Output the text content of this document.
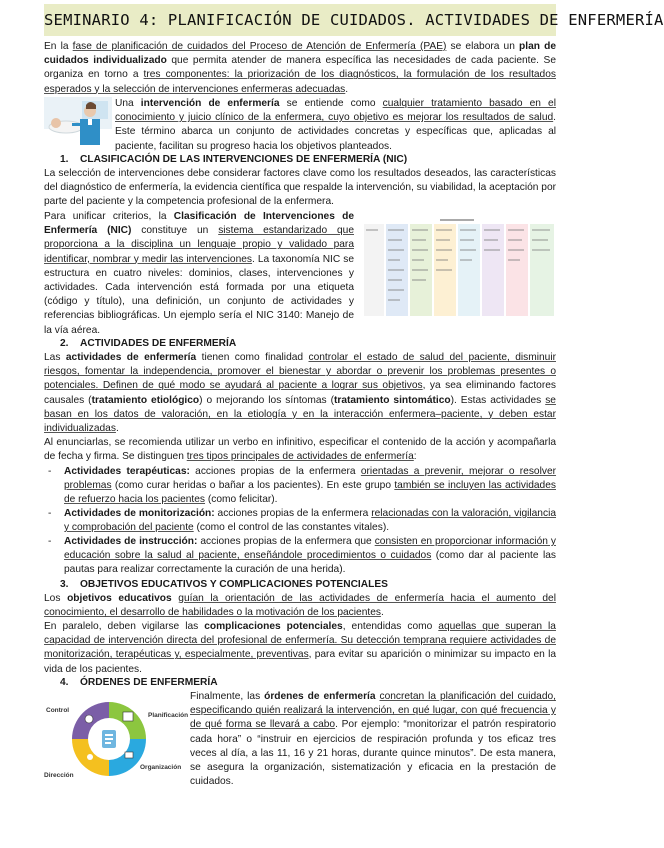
SEMINARIO 4: PLANIFICACIÓN DE CUIDADOS. ACTIVIDADES DE ENFERMERÍA
En la fase de planificación de cuidados del Proceso de Atención de Enfermería (PAE) se elabora un plan de cuidados individualizado que permita atender de manera específica las necesidades de cada paciente. Se organiza en torno a tres componentes: la priorización de los diagnósticos, la formulación de los resultados esperados y la selección de intervenciones enfermeras adecuadas.
Una intervención de enfermería se entiende como cualquier tratamiento basado en el conocimiento y juicio clínico de la enfermera, cuyo objetivo es mejorar los resultados de salud. Este término abarca un conjunto de actividades concretas y específicas que, aplicadas al paciente, facilitan su progreso hacia los objetivos planteados.
1. CLASIFICACIÓN DE LAS INTERVENCIONES DE ENFERMERÍA (NIC)
La selección de intervenciones debe considerar factores clave como los resultados deseados, las características del diagnóstico de enfermería, la evidencia científica que respalde la intervención, su viabilidad, la aceptación por parte del paciente y la competencia profesional de la enfermera.
Para unificar criterios, la Clasificación de Intervenciones de Enfermería (NIC) constituye un sistema estandarizado que proporciona a la disciplina un lenguaje propio y validado para identificar, nombrar y medir las intervenciones. La taxonomía NIC se estructura en cuatro niveles: dominios, clases, intervenciones y actividades. Cada intervención está formada por una etiqueta (código y título), una definición, un conjunto de actividades y referencias bibliográficas. Un ejemplo sería el NIC 3140: Manejo de la vía aérea.
2. ACTIVIDADES DE ENFERMERÍA
Las actividades de enfermería tienen como finalidad controlar el estado de salud del paciente, disminuir riesgos, fomentar la independencia, promover el bienestar y abordar o prevenir los problemas presentes o potenciales. Definen de qué modo se ayudará al paciente a lograr sus objetivos, ya sea eliminando factores causales (tratamiento etiológico) o mejorando los síntomas (tratamiento sintomático). Estas actividades se basan en los datos de valoración, en la etiología y en la interacción enfermera–paciente, y deben estar individualizadas.
Al enunciarlas, se recomienda utilizar un verbo en infinitivo, especificar el contenido de la acción y acompañarla de fecha y firma. Se distinguen tres tipos principales de actividades de enfermería:
- Actividades terapéuticas: acciones propias de la enfermera orientadas a prevenir, mejorar o resolver problemas (como curar heridas o bañar a los pacientes). En este grupo también se incluyen las actividades de refuerzo hacia los pacientes (como felicitar).
- Actividades de monitorización: acciones propias de la enfermera relacionadas con la valoración, vigilancia y comprobación del paciente (como el control de las constantes vitales).
- Actividades de instrucción: acciones propias de la enfermera que consisten en proporcionar información y educación sobre la salud al paciente, enseñándole procedimientos o cuidados (como dar al paciente las pautas para realizar correctamente la curación de una herida).
3. OBJETIVOS EDUCATIVOS Y COMPLICACIONES POTENCIALES
Los objetivos educativos guían la orientación de las actividades de enfermería hacia el aumento del conocimiento, el desarrollo de habilidades o la motivación de los pacientes.
En paralelo, deben vigilarse las complicaciones potenciales, entendidas como aquellas que superan la capacidad de intervención directa del profesional de enfermería. Su detección temprana requiere actividades de monitorización, terapéuticas y, especialmente, preventivas, para evitar su aparición o minimizar su impacto en la vida de los pacientes.
4. ÓRDENES DE ENFERMERÍA
Control
Planificación
Dirección
Organización
Finalmente, las órdenes de enfermería concretan la planificación del cuidado, especificando quién realizará la intervención, en qué lugar, con qué frecuencia y de qué forma se llevará a cabo. Por ejemplo: “monitorizar el patrón respiratorio cada hora” o “instruir en ejercicios de respiración profunda y tos eficaz tres veces al día, a las 11, 16 y 21 horas, durante quince minutos”. De esta manera, se asegura la organización, sistematización y eficacia en la prestación de cuidados.
